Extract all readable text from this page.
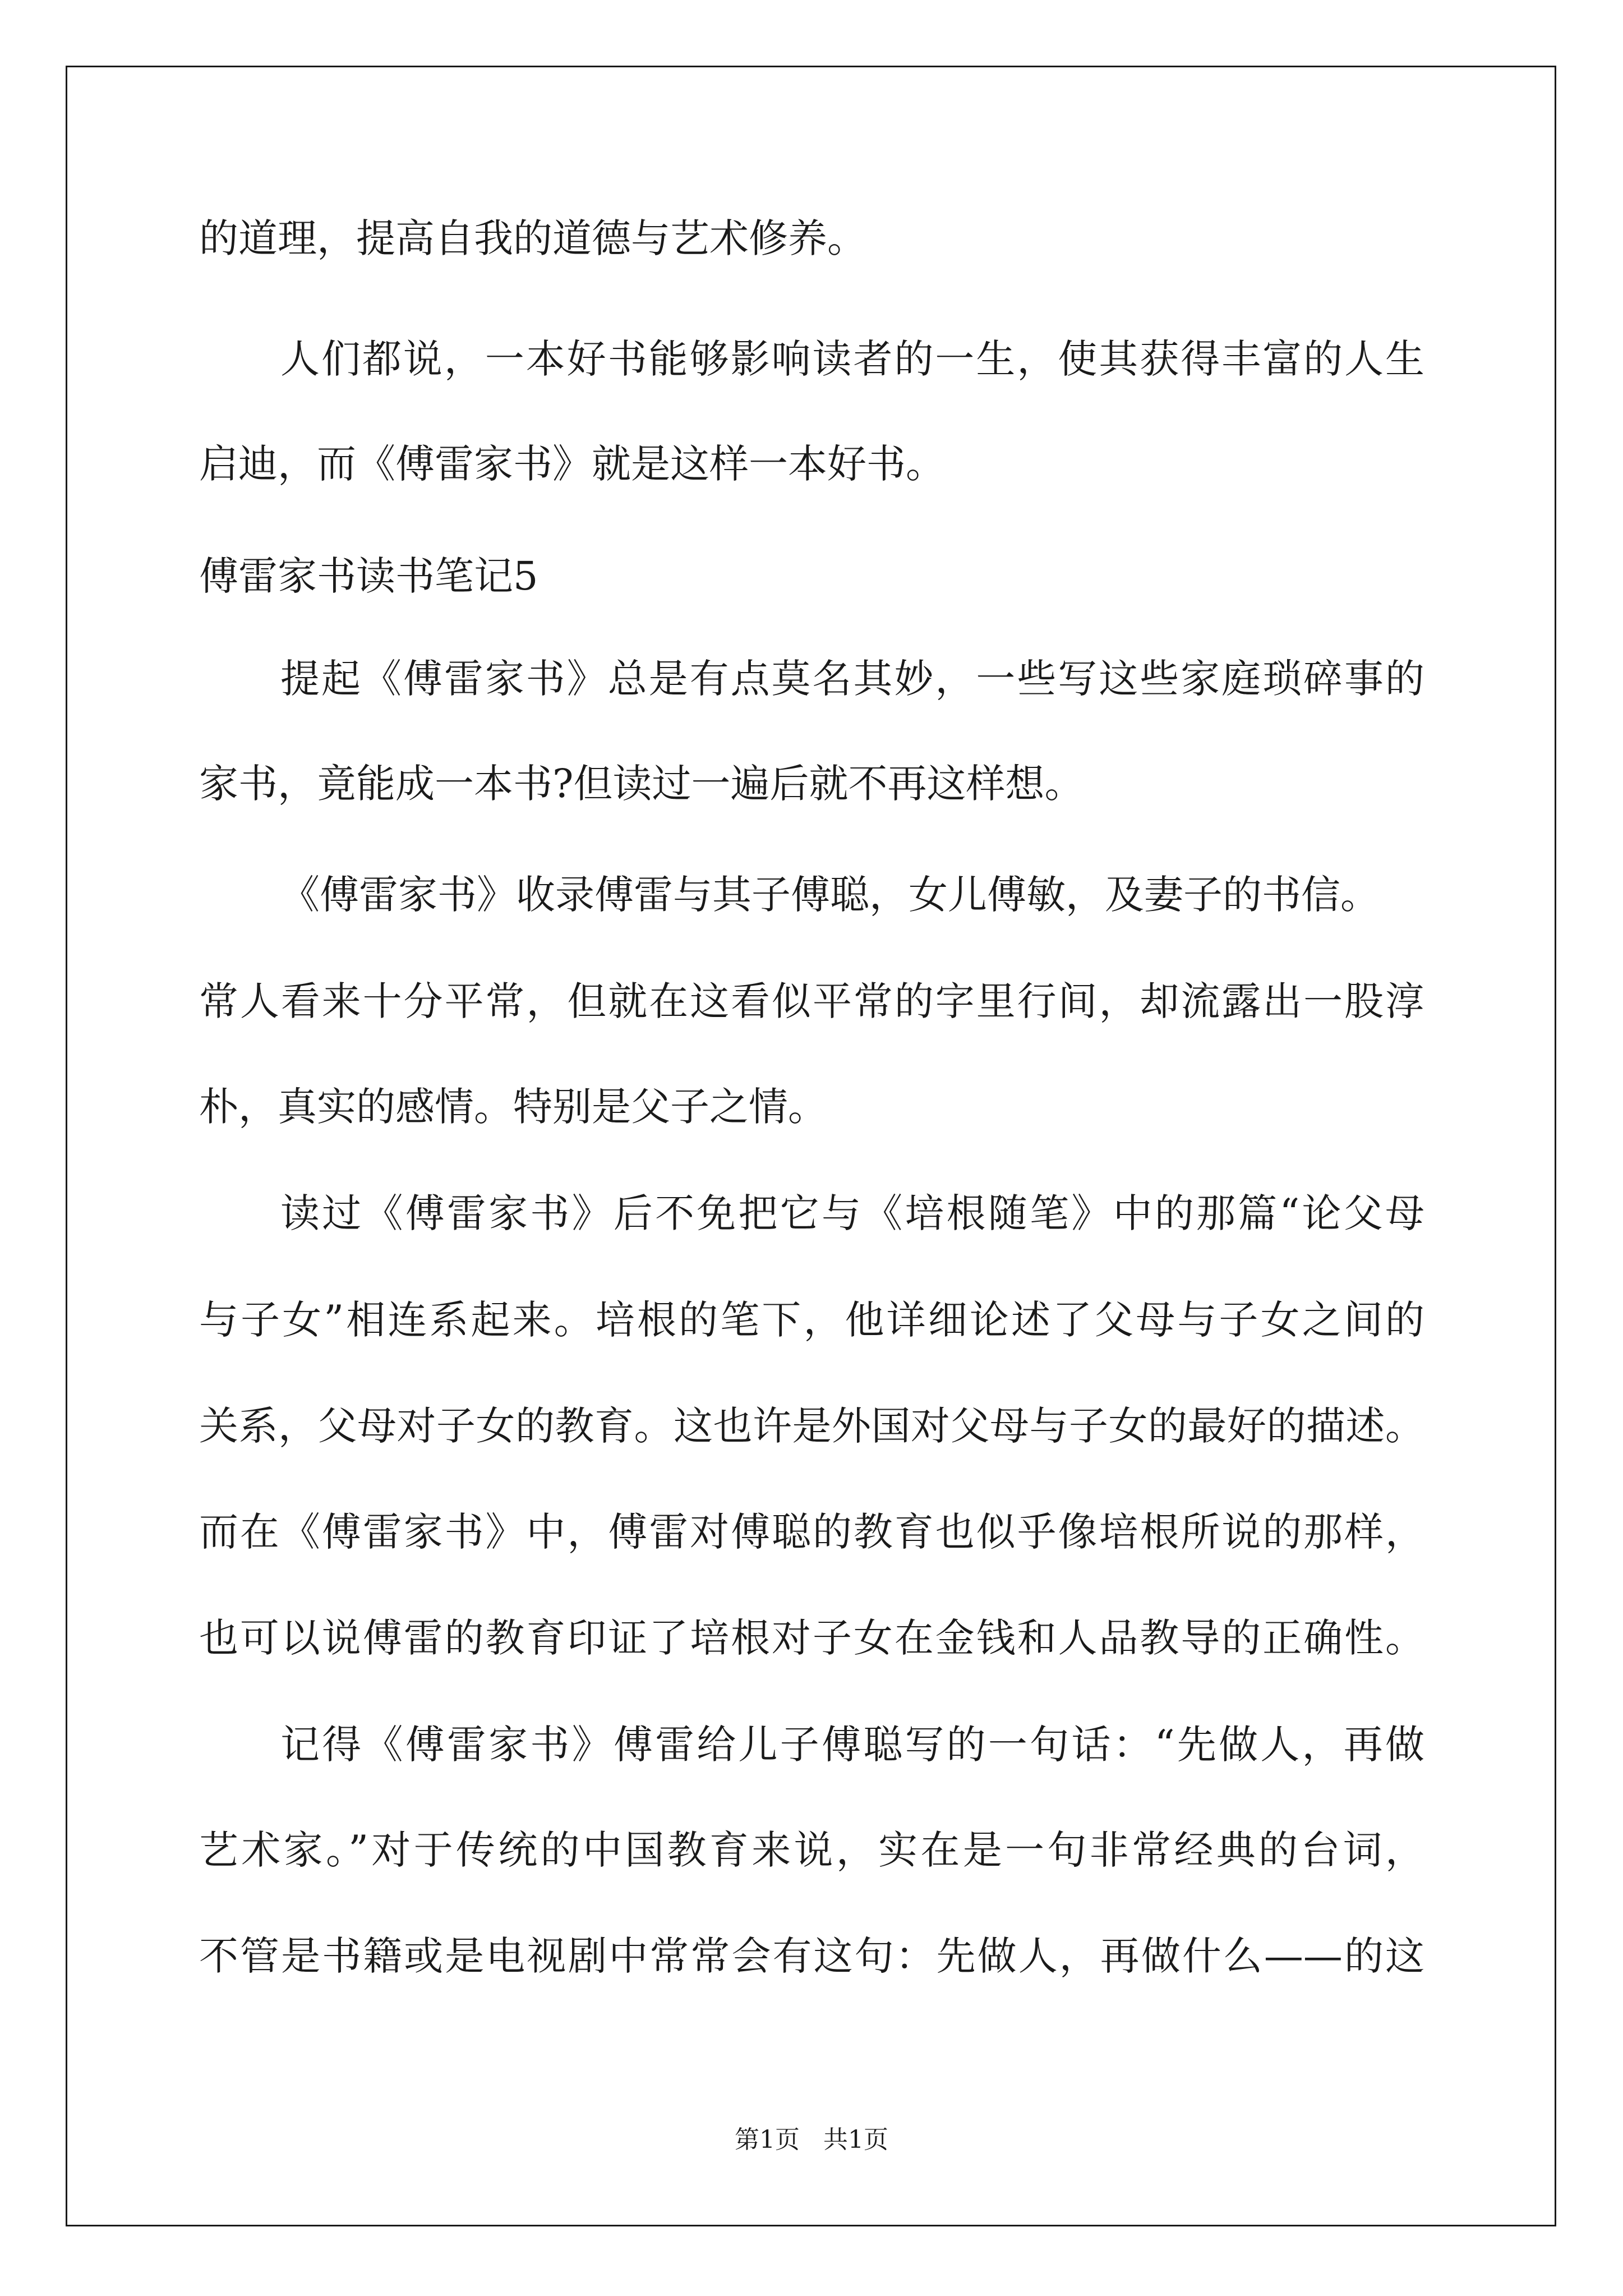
的道理，提高自我的道德与艺术修养。
人们都说，一本好书能够影响读者的一生，使其获得丰富的人生
启迪，而《傅雷家书》就是这样一本好书。
傅雷家书读书笔记5
提起《傅雷家书》总是有点莫名其妙，一些写这些家庭琐碎事的
家书，竟能成一本书?但读过一遍后就不再这样想。
《傅雷家书》收录傅雷与其子傅聪，女儿傅敏，及妻子的书信。
常人看来十分平常，但就在这看似平常的字里行间，却流露出一股淳
朴，真实的感情。特别是父子之情。
读过《傅雷家书》后不免把它与《培根随笔》中的那篇“论父母
与子女”相连系起来。培根的笔下，他详细论述了父母与子女之间的
关系，父母对子女的教育。这也许是外国对父母与子女的最好的描述。
而在《傅雷家书》中，傅雷对傅聪的教育也似乎像培根所说的那样，
也可以说傅雷的教育印证了培根对子女在金钱和人品教导的正确性。
记得《傅雷家书》傅雷给儿子傅聪写的一句话：“先做人，再做
艺术家。”对于传统的中国教育来说，实在是一句非常经典的台词，
不管是书籍或是电视剧中常常会有这句：先做人，再做什么——的这
第1页   共1页
